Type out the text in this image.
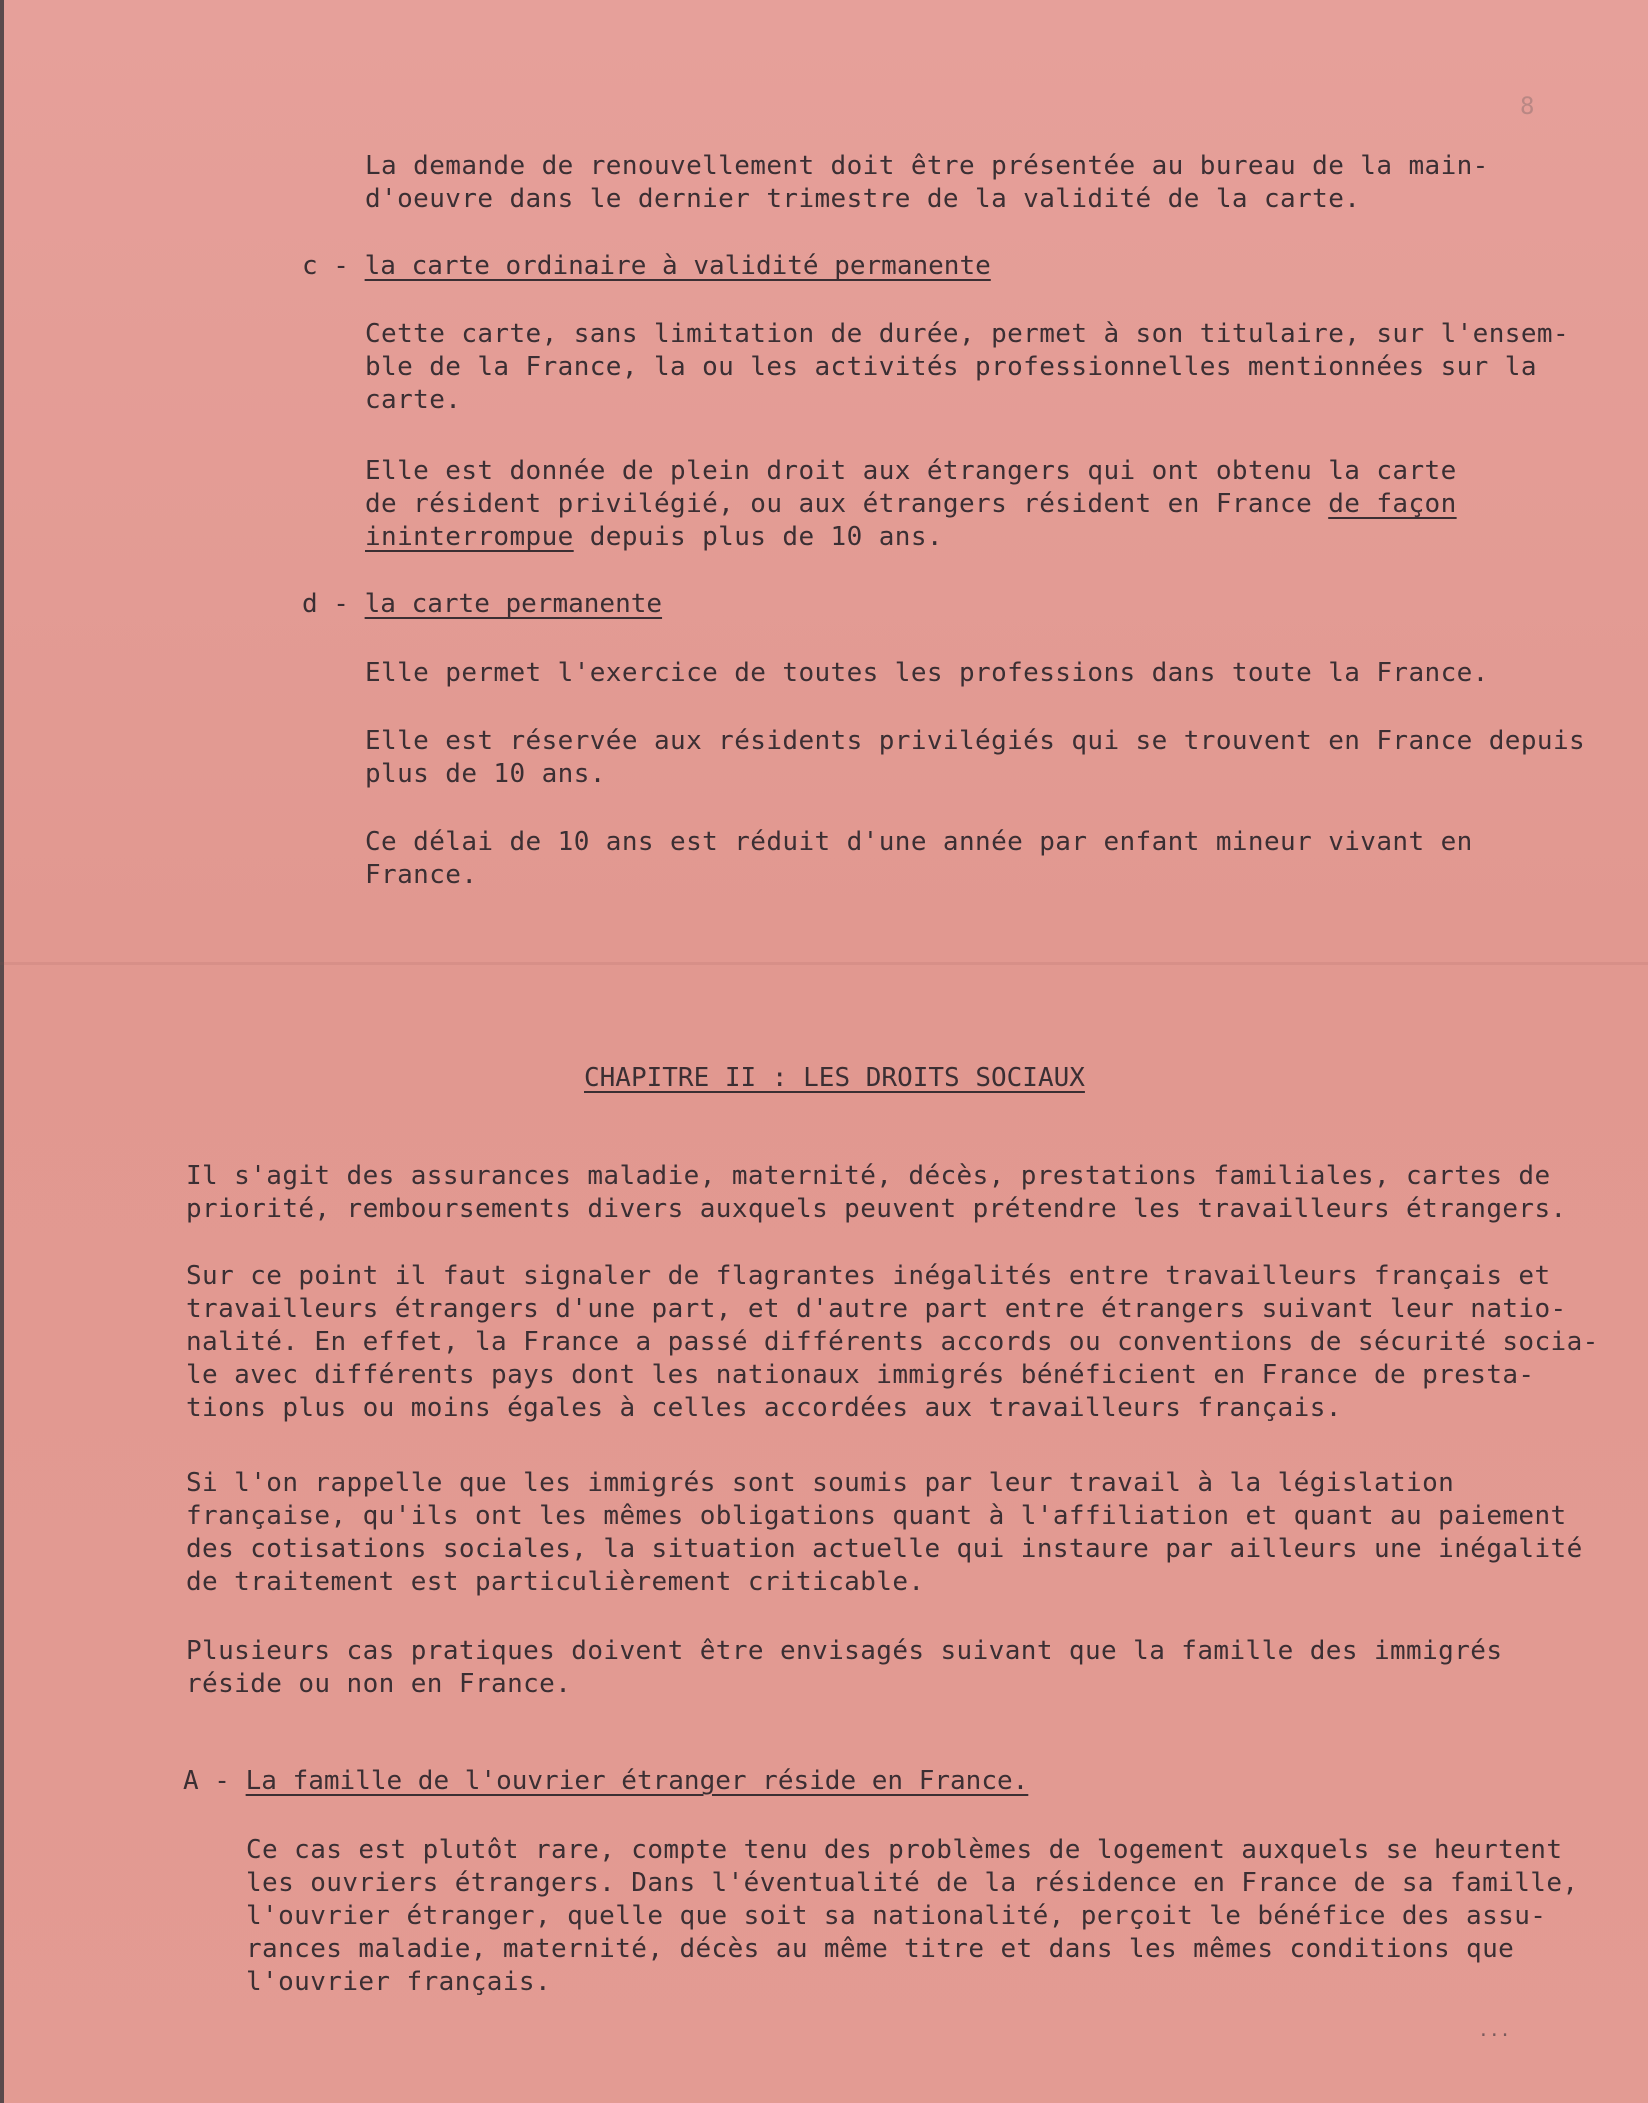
8
La demande de renouvellement doit être présentée au bureau de la main-
d'oeuvre dans le dernier trimestre de la validité de la carte.
c - la carte ordinaire à validité permanente
Cette carte, sans limitation de durée, permet à son titulaire, sur l'ensem-
ble de la France, la ou les activités professionnelles mentionnées sur la
carte.
Elle est donnée de plein droit aux étrangers qui ont obtenu la carte
de résident privilégié, ou aux étrangers résident en France de façon
ininterrompue depuis plus de 10 ans.
d - la carte permanente
Elle permet l'exercice de toutes les professions dans toute la France.
Elle est réservée aux résidents privilégiés qui se trouvent en France depuis
plus de 10 ans.
Ce délai de 10 ans est réduit d'une année par enfant mineur vivant en
France.
CHAPITRE II : LES DROITS SOCIAUX
Il s'agit des assurances maladie, maternité, décès, prestations familiales, cartes de
priorité, remboursements divers auxquels peuvent prétendre les travailleurs étrangers.
Sur ce point il faut signaler de flagrantes inégalités entre travailleurs français et
travailleurs étrangers d'une part, et d'autre part entre étrangers suivant leur natio-
nalité. En effet, la France a passé différents accords ou conventions de sécurité socia-
le avec différents pays dont les nationaux immigrés bénéficient en France de presta-
tions plus ou moins égales à celles accordées aux travailleurs français.
Si l'on rappelle que les immigrés sont soumis par leur travail à la législation
française, qu'ils ont les mêmes obligations quant à l'affiliation et quant au paiement
des cotisations sociales, la situation actuelle qui instaure par ailleurs une inégalité
de traitement est particulièrement criticable.
Plusieurs cas pratiques doivent être envisagés suivant que la famille des immigrés
réside ou non en France.
A - La famille de l'ouvrier étranger réside en France.
Ce cas est plutôt rare, compte tenu des problèmes de logement auxquels se heurtent
les ouvriers étrangers. Dans l'éventualité de la résidence en France de sa famille,
l'ouvrier étranger, quelle que soit sa nationalité, perçoit le bénéfice des assu-
rances maladie, maternité, décès au même titre et dans les mêmes conditions que
l'ouvrier français.
...
